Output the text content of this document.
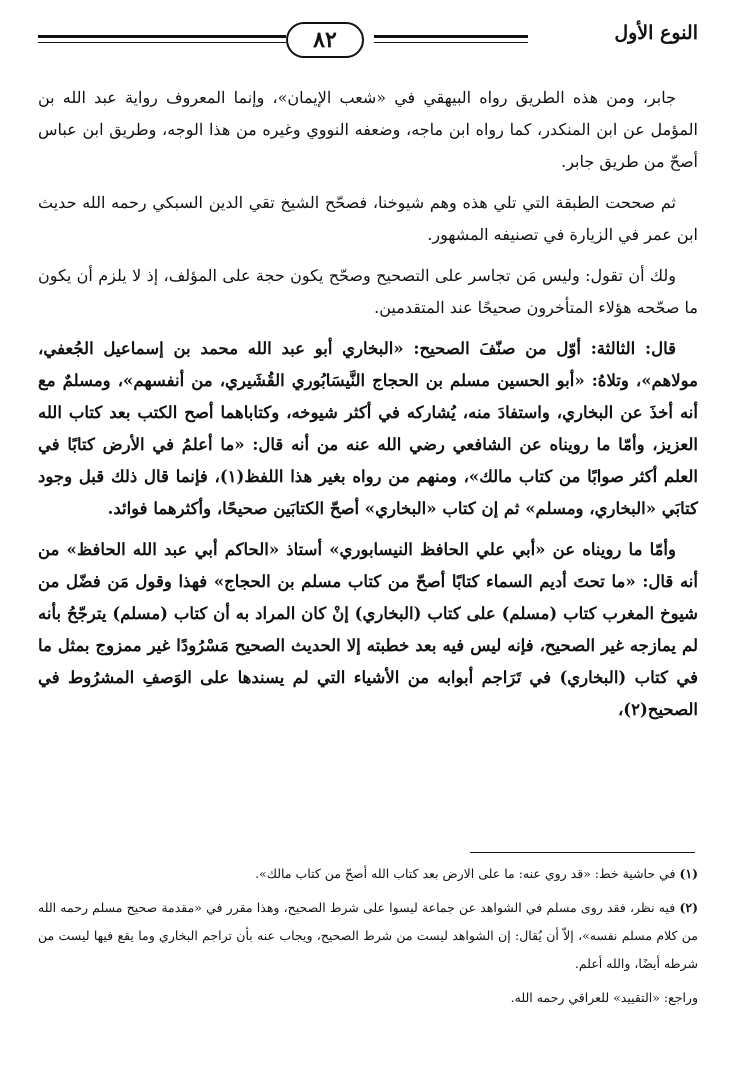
النوع الأول
٨٢

جابر، ومن هذه الطريق رواه البيهقي في «شعب الإيمان»، وإنما المعروف رواية عبد الله بن المؤمل عن ابن المنكدر، كما رواه ابن ماجه، وضعفه النووي وغيره من هذا الوجه، وطريق ابن عباس أصحّ من طريق جابر.

ثم صححت الطبقة التي تلي هذه وهم شيوخنا، فصحّح الشيخ تقي الدين السبكي رحمه الله حديث ابن عمر في الزيارة في تصنيفه المشهور.

ولك أن تقول: وليس مَن تجاسر على التصحيح وصحّح يكون حجة على المؤلف، إذ لا يلزم أن يكون ما صحّحه هؤلاء المتأخرون صحيحًا عند المتقدمين.

قال: الثالثة: أوّل من صنّفَ الصحيح: «البخاري أبو عبد الله محمد بن إسماعيل الجُعفي، مولاهم»، وتلاهُ: «أبو الحسين مسلم بن الحجاج النَّيسَابُوري القُشَيري، من أنفسهم»، ومسلمٌ مع أنه أخذَ عن البخاري، واستفادَ منه، يُشاركه في أكثر شيوخه، وكتاباهما أصح الكتب بعد كتاب الله العزيز، وأمّا ما رويناه عن الشافعي رضي الله عنه من أنه قال: «ما أعلمُ في الأرض كتابًا في العلم أكثر صوابًا من كتاب مالك»، ومنهم من رواه بغير هذا اللفظ(١)، فإنما قال ذلك قبل وجود كتابَي «البخاري، ومسلم» ثم إن كتاب «البخاري» أصحّ الكتابَين صحيحًا، وأكثرهما فوائد.

وأمّا ما رويناه عن «أبي علي الحافظ النيسابوري» أستاذ «الحاكم أبي عبد الله الحافظ» من أنه قال: «ما تحتَ أديم السماء كتابًا أصحّ من كتاب مسلم بن الحجاج» فهذا وقول مَن فضّل من شيوخ المغرب كتاب (مسلم) على كتاب (البخاري) إنْ كان المراد به أن كتاب (مسلم) يترجّحُ بأنه لم يمازجه غير الصحيح، فإنه ليس فيه بعد خطبته إلا الحديث الصحيح مَسْرُودًا غير ممزوج بمثل ما في كتاب (البخاري) في تَرَاجم أبوابه من الأشياء التي لم يسندها على الوَصفِ المشرُوط في الصحيح(٢)،

(١) في حاشية خط: «قد روي عنه: ما على الارض بعد كتاب الله أصحّ من كتاب مالك».

(٢) فيه نظر، فقد روى مسلم في الشواهد عن جماعة ليسوا على شرط الصحيح، وهذا مقرر في «مقدمة صحيح مسلم رحمه الله من كلام مسلم نفسه»، إلاّ أن يُقال: إن الشواهد ليست من شرط الصحيح، ويجاب عنه بأن تراجم البخاري وما يقع فيها ليست من شرطه أيضًا، والله أعلم.

وراجع: «التقييد» للعراقي رحمه الله.
